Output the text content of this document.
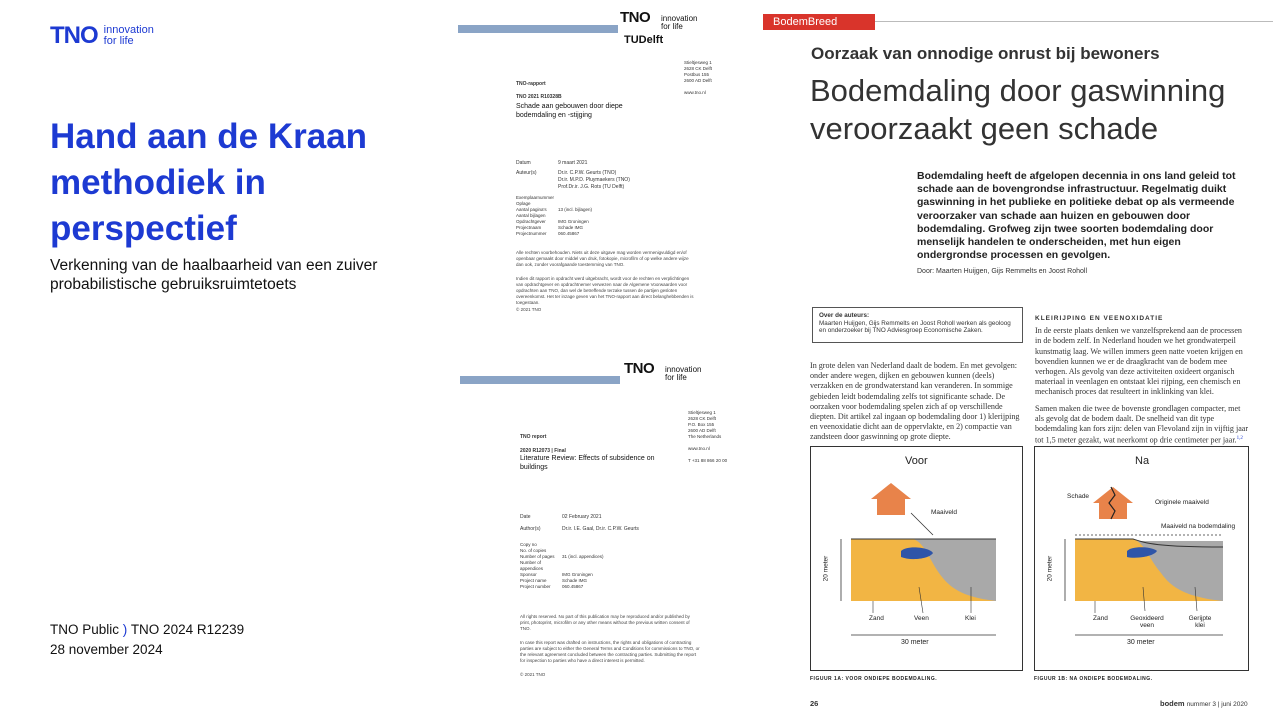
TNO innovation
for life
Hand aan de Kraan
methodiek in
perspectief
Verkenning van de haalbaarheid van een zuiver
probabilistische gebruiksruimtetoets
TNO Public ) TNO 2024 R12239
28 november 2024
TNO innovation
for life
TUDelft
Stieltjesweg 1
2628 CK Delft
Postbus 155
2600 AD Delft

www.tno.nl
TNO-rapport
TNO 2021 R10328B
Schade aan gebouwen door diepe bodemdaling en -stijging
Datum	9 maart 2021
Auteur(s)	Dr.ir. C.P.W. Geurts (TNO)
Dr.ir. M.P.D. Pluymaekers (TNO)
Prof.Dr.ir. J.G. Rots (TU Delft)
Exemplaarnummer
Oplage
Aantal pagina's	13 (incl. bijlagen)
Aantal bijlagen
Opdrachtgever	IMG Groningen
Projectnaam	Schade IMG
Projectnummer	060.45867
Alle rechten voorbehouden. Niets uit deze uitgave mag worden vermenigvuldigd en/of openbaar gemaakt door middel van druk, fotokopie, microfilm of op welke andere wijze dan ook, zonder voorafgaande toestemming van TNO.
Indien dit rapport in opdracht werd uitgebracht, wordt voor de rechten en verplichtingen van opdrachtgever en opdrachtnemer verwezen naar de Algemene Voorwaarden voor opdrachten aan TNO, dan wel de betreffende terzake tussen de partijen gesloten overeenkomst. Het ter inzage geven van het TNO-rapport aan direct belanghebbenden is toegestaan.
© 2021 TNO
TNO innovation
for life
Stieltjesweg 1
2628 CK Delft
P.O. Box 155
2600 AD Delft
The Netherlands

www.tno.nl

T +31 88 866 20 00
TNO report
2020 R12073 | Final
Literature Review: Effects of subsidence on buildings
Date	02 February 2021
Author(s)	Dr.ir. I.E. Gaal, Dr.ir. C.P.W. Geurts
Copy no
No. of copies
Number of pages	31 (incl. appendices)
Number of appendices
Sponsor	IMG Groningen
Project name	Schade IMG
Project number	060.45867
All rights reserved. No part of this publication may be reproduced and/or published by print, photoprint, microfilm or any other means without the previous written consent of TNO.
In case this report was drafted on instructions, the rights and obligations of contracting parties are subject to either the General Terms and Conditions for commissions to TNO, or the relevant agreement concluded between the contracting parties. Submitting the report for inspection to parties who have a direct interest is permitted.
© 2021 TNO
BodemBreed
Oorzaak van onnodige onrust bij bewoners
Bodemdaling door gaswinning
veroorzaakt geen schade
Bodemdaling heeft de afgelopen decennia in ons land geleid tot schade aan de bovengrondse infrastructuur. Regelmatig duikt gaswinning in het publieke en politieke debat op als vermeende veroorzaker van schade aan huizen en gebouwen door bodemdaling. Grofweg zijn twee soorten bodemdaling door menselijk handelen te onderscheiden, met hun eigen ondergrondse processen en gevolgen.
Door: Maarten Huijgen, Gijs Remmelts en Joost Roholl
Over de auteurs:
Maarten Huijgen, Gijs Remmelts en Joost Roholl werken als geoloog en onderzoeker bij TNO Adviesgroep Economische Zaken.
In grote delen van Nederland daalt de bodem. En met gevolgen: onder andere wegen, dijken en gebouwen kunnen (deels) verzakken en de grondwaterstand kan veranderen. In sommige gebieden leidt bodemdaling zelfs tot significante schade. De oorzaken voor bodemdaling spelen zich af op verschillende diepten. Dit artikel zal ingaan op bodemdaling door 1) klerijping en veenoxidatie dicht aan de oppervlakte, en 2) compactie van zandsteen door gaswinning op grote diepte.
KLEIRIJPING EN VEENOXIDATIE

In de eerste plaats denken we vanzelfsprekend aan de processen in de bodem zelf. In Nederland houden we het grondwaterpeil kunstmatig laag. We willen immers geen natte voeten krijgen en bovendien kunnen we er de draagkracht van de bodem mee verhogen. Als gevolg van deze activiteiten oxideert organisch materiaal in veenlagen en ontstaat klei rijping, een chemisch en mechanisch proces dat resulteert in inklinking van klei.

Samen maken die twee de bovenste grondlagen compacter, met als gevolg dat de bodem daalt. De snelheid van dit type bodemdaling kan fors zijn: delen van Flevoland zijn in vijftig jaar tot 1,5 meter gezakt, wat neerkomt op drie centimeter per jaar.$^{1,2}$

Voor
Maaiveld
20 meter
30 meter
Zand	Veen	Klei
FIGUUR 1A: VOOR ONDIEPE BODEMDALING.
Na
Schade
Originele maaiveld
Maaiveld na bodemdaling
20 meter
30 meter
Zand	Geoxideerd veen
Gerijpte klei
FIGUUR 1B: NA ONDIEPE BODEMDALING.
26	bodem nummer 3 | juni 2020
